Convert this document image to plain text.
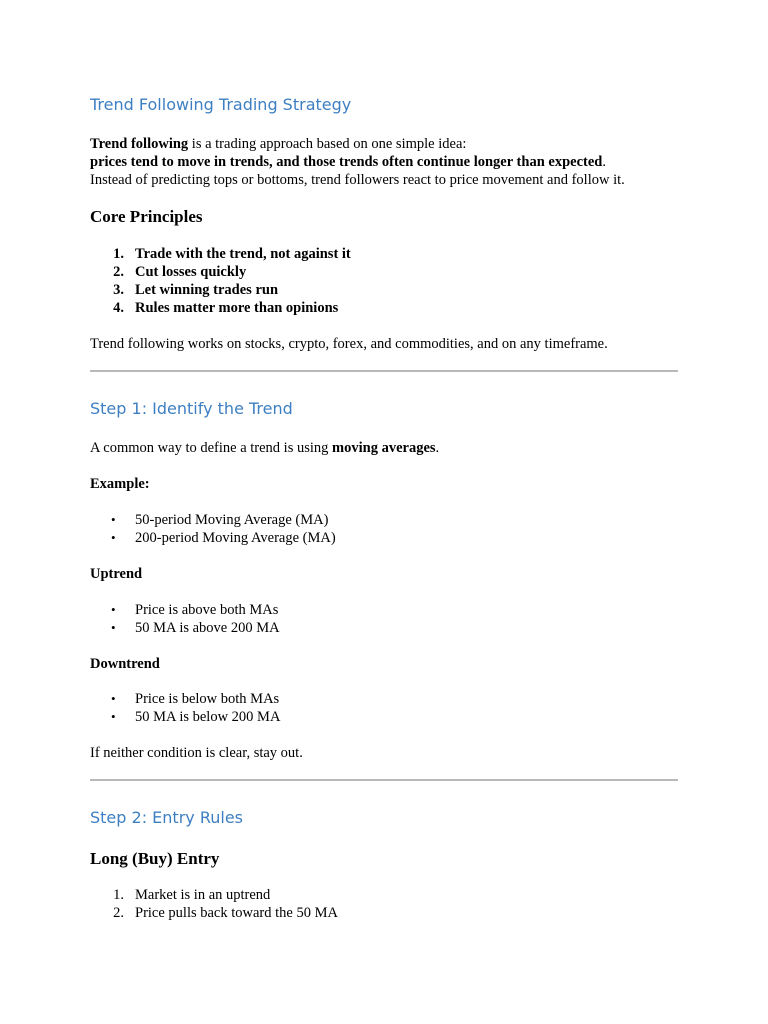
Trend Following Trading Strategy
Trend following is a trading approach based on one simple idea:
prices tend to move in trends, and those trends often continue longer than expected.
Instead of predicting tops or bottoms, trend followers react to price movement and follow it.
Core Principles
1. Trade with the trend, not against it
2. Cut losses quickly
3. Let winning trades run
4. Rules matter more than opinions
Trend following works on stocks, crypto, forex, and commodities, and on any timeframe.
Step 1: Identify the Trend
A common way to define a trend is using moving averages.
Example:
• 50-period Moving Average (MA)
• 200-period Moving Average (MA)
Uptrend
• Price is above both MAs
• 50 MA is above 200 MA
Downtrend
• Price is below both MAs
• 50 MA is below 200 MA
If neither condition is clear, stay out.
Step 2: Entry Rules
Long (Buy) Entry
1. Market is in an uptrend
2. Price pulls back toward the 50 MA
